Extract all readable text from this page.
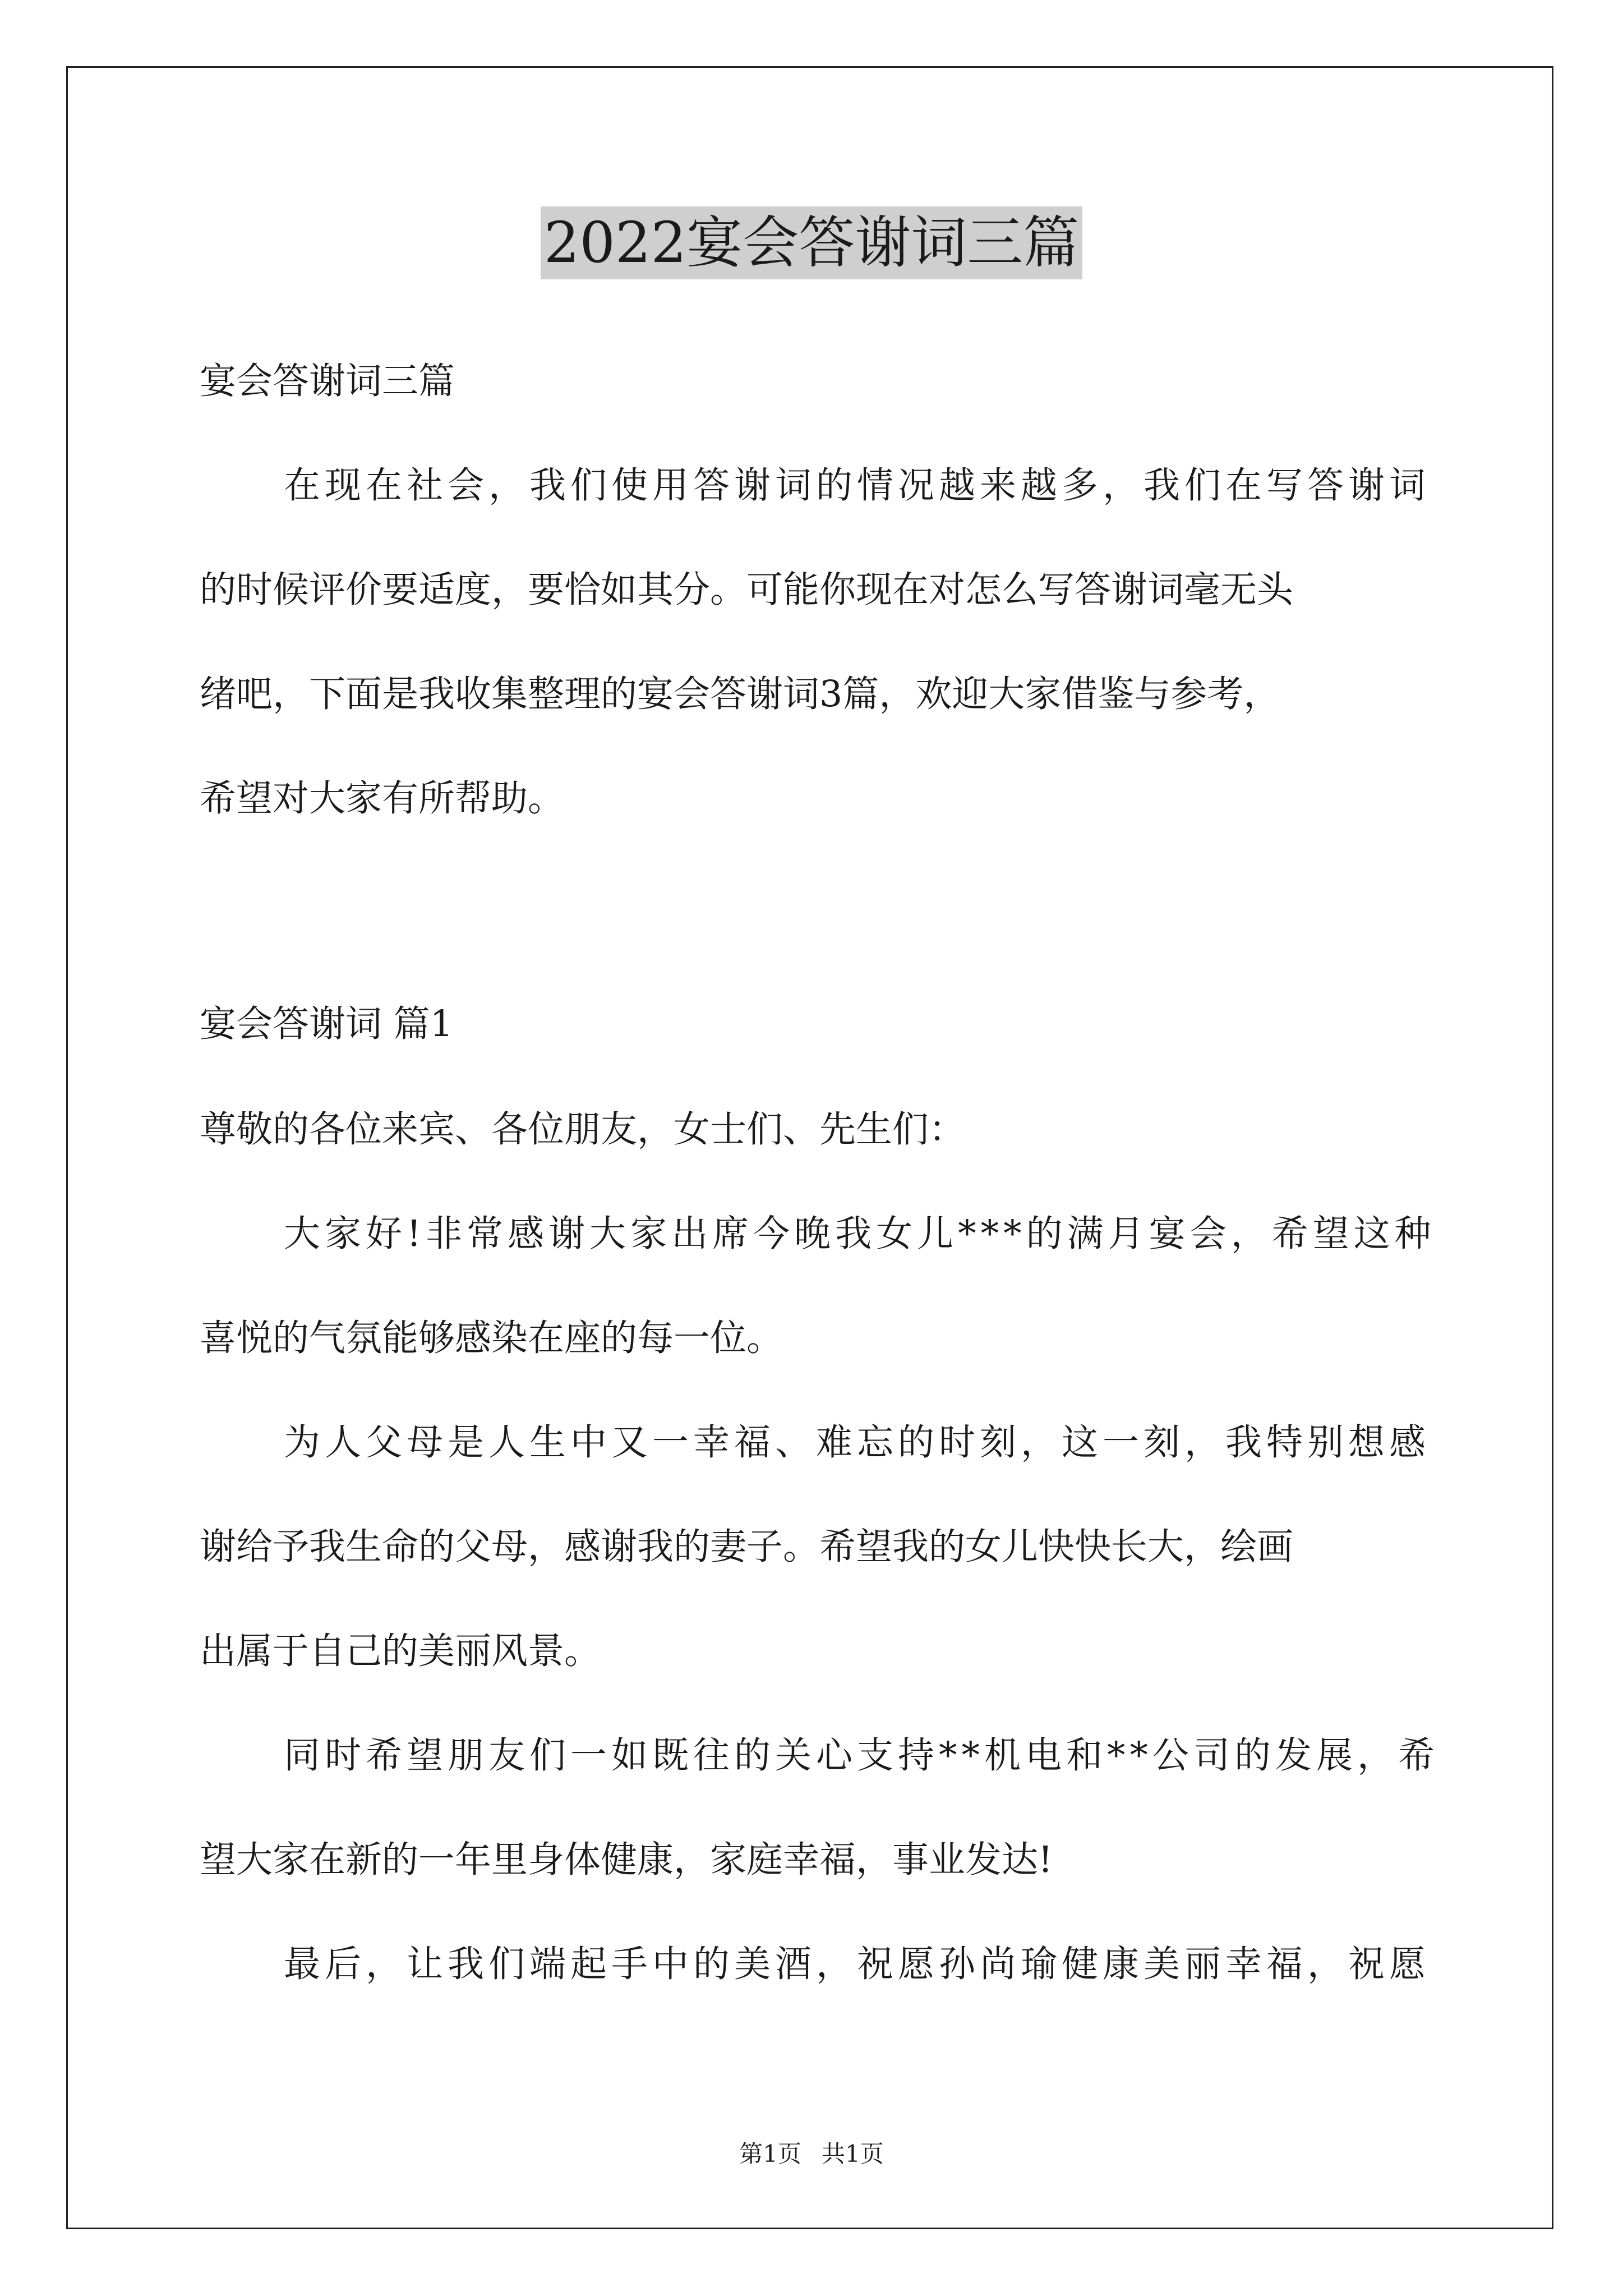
2022宴会答谢词三篇
宴会答谢词三篇
在现在社会，我们使用答谢词的情况越来越多，我们在写答谢词
的时候评价要适度，要恰如其分。可能你现在对怎么写答谢词毫无头
绪吧，下面是我收集整理的宴会答谢词3篇，欢迎大家借鉴与参考，
希望对大家有所帮助。
宴会答谢词 篇1
尊敬的各位来宾、各位朋友，女士们、先生们：
大家好!非常感谢大家出席今晚我女儿***的满月宴会，希望这种
喜悦的气氛能够感染在座的每一位。
为人父母是人生中又一幸福、难忘的时刻，这一刻，我特别想感
谢给予我生命的父母，感谢我的妻子。希望我的女儿快快长大，绘画
出属于自己的美丽风景。
同时希望朋友们一如既往的关心支持**机电和**公司的发展，希
望大家在新的一年里身体健康，家庭幸福，事业发达!
最后，让我们端起手中的美酒，祝愿孙尚瑜健康美丽幸福，祝愿
第1页 共1页
